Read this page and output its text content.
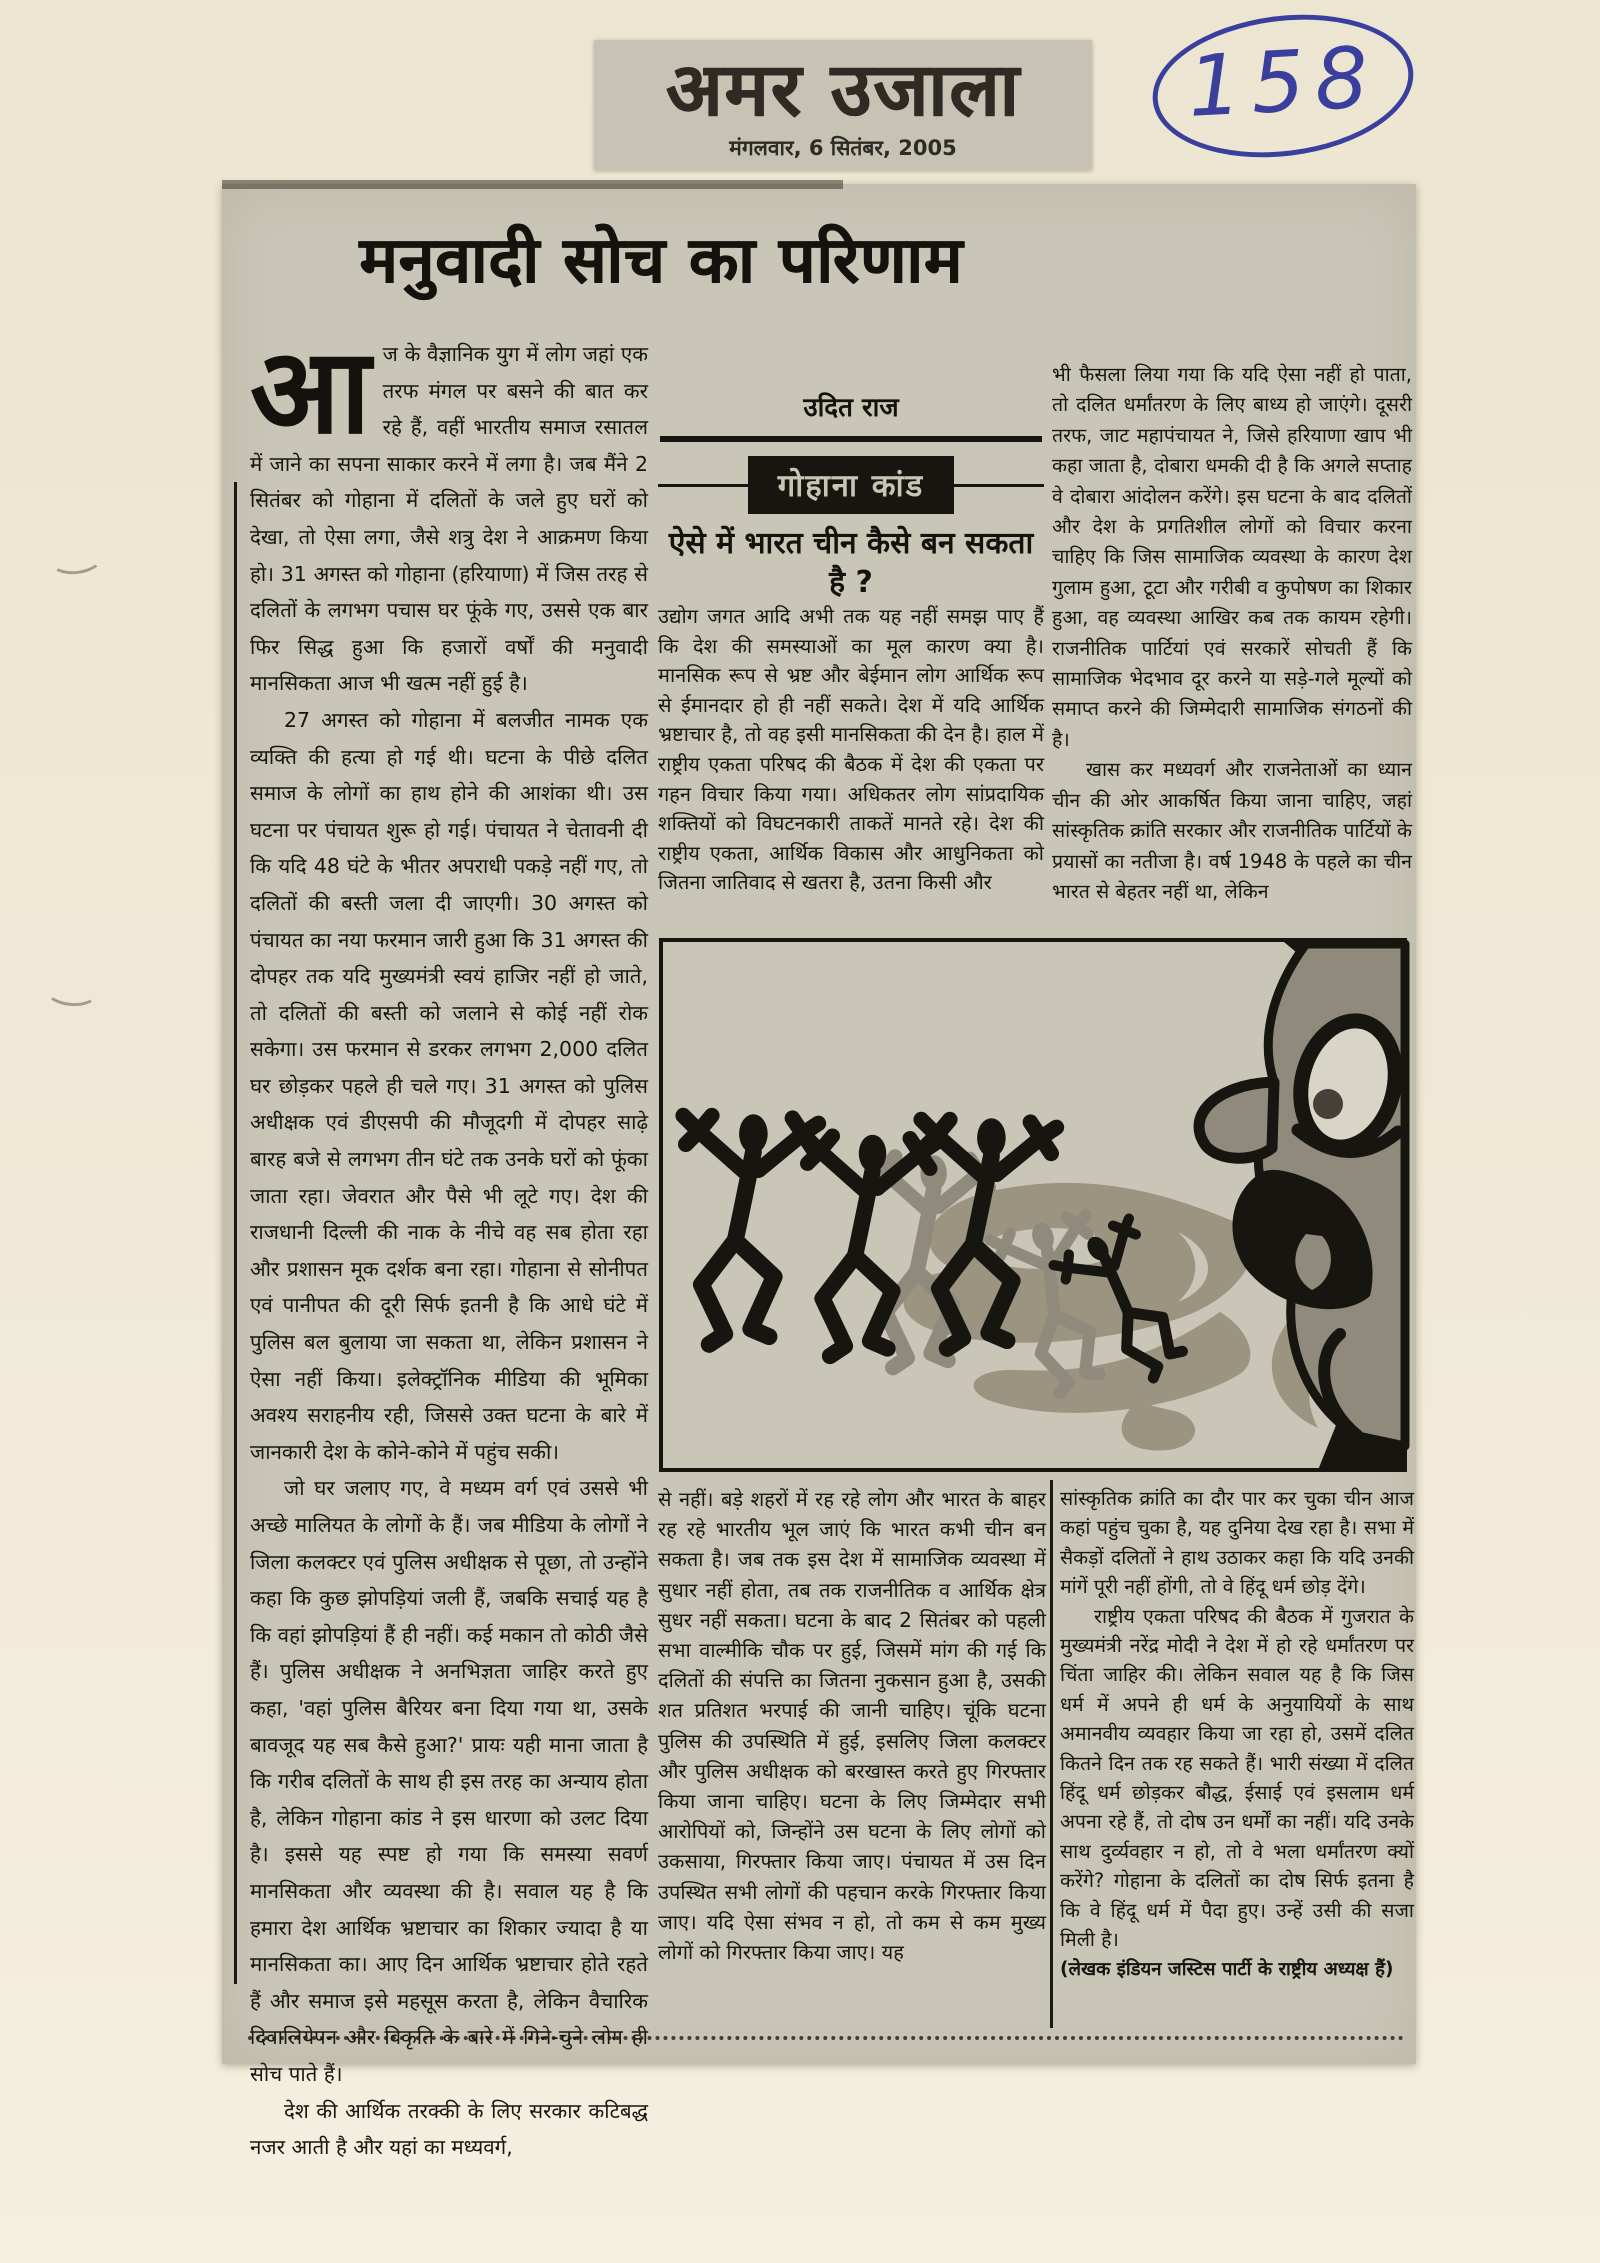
अमर उजाला
मंगलवार, 6 सितंबर, 2005
158
मनुवादी सोच का परिणाम

आज के वैज्ञानिक युग में लोग जहां एक तरफ मंगल पर बसने की बात कर रहे हैं, वहीं भारतीय समाज रसातल में जाने का सपना साकार करने में लगा है। जब मैंने 2 सितंबर को गोहाना में दलितों के जले हुए घरों को देखा, तो ऐसा लगा, जैसे शत्रु देश ने आक्रमण किया हो। 31 अगस्त को गोहाना (हरियाणा) में जिस तरह से दलितों के लगभग पचास घर फूंके गए, उससे एक बार फिर सिद्ध हुआ कि हजारों वर्षों की मनुवादी मानसिकता आज भी खत्म नहीं हुई है।

27 अगस्त को गोहाना में बलजीत नामक एक व्यक्ति की हत्या हो गई थी। घटना के पीछे दलित समाज के लोगों का हाथ होने की आशंका थी। उस घटना पर पंचायत शुरू हो गई। पंचायत ने चेतावनी दी कि यदि 48 घंटे के भीतर अपराधी पकड़े नहीं गए, तो दलितों की बस्ती जला दी जाएगी। 30 अगस्त को पंचायत का नया फरमान जारी हुआ कि 31 अगस्त की दोपहर तक यदि मुख्यमंत्री स्वयं हाजिर नहीं हो जाते, तो दलितों की बस्ती को जलाने से कोई नहीं रोक सकेगा। उस फरमान से डरकर लगभग 2,000 दलित घर छोड़कर पहले ही चले गए। 31 अगस्त को पुलिस अधीक्षक एवं डीएसपी की मौजूदगी में दोपहर साढ़े बारह बजे से लगभग तीन घंटे तक उनके घरों को फूंका जाता रहा। जेवरात और पैसे भी लूटे गए। देश की राजधानी दिल्ली की नाक के नीचे वह सब होता रहा और प्रशासन मूक दर्शक बना रहा। गोहाना से सोनीपत एवं पानीपत की दूरी सिर्फ इतनी है कि आधे घंटे में पुलिस बल बुलाया जा सकता था, लेकिन प्रशासन ने ऐसा नहीं किया। इलेक्ट्रॉनिक मीडिया की भूमिका अवश्य सराहनीय रही, जिससे उक्त घटना के बारे में जानकारी देश के कोने-कोने में पहुंच सकी।

जो घर जलाए गए, वे मध्यम वर्ग एवं उससे भी अच्छे मालियत के लोगों के हैं। जब मीडिया के लोगों ने जिला कलक्टर एवं पुलिस अधीक्षक से पूछा, तो उन्होंने कहा कि कुछ झोपड़ियां जली हैं, जबकि सचाई यह है कि वहां झोपड़ियां हैं ही नहीं। कई मकान तो कोठी जैसे हैं। पुलिस अधीक्षक ने अनभिज्ञता जाहिर करते हुए कहा, 'वहां पुलिस बैरियर बना दिया गया था, उसके बावजूद यह सब कैसे हुआ?' प्रायः यही माना जाता है कि गरीब दलितों के साथ ही इस तरह का अन्याय होता है, लेकिन गोहाना कांड ने इस धारणा को उलट दिया है। इससे यह स्पष्ट हो गया कि समस्या सवर्ण मानसिकता और व्यवस्था की है। सवाल यह है कि हमारा देश आर्थिक भ्रष्टाचार का शिकार ज्यादा है या मानसिकता का। आए दिन आर्थिक भ्रष्टाचार होते रहते हैं और समाज इसे महसूस करता है, लेकिन वैचारिक दिवालियेपन और विकृति के बारे में गिने-चुने लोग ही सोच पाते हैं।

देश की आर्थिक तरक्की के लिए सरकार कटिबद्ध नजर आती है और यहां का मध्यवर्ग,

उदित राज
गोहाना कांड
ऐसे में भारत चीन कैसे बन सकता है ?

उद्योग जगत आदि अभी तक यह नहीं समझ पाए हैं कि देश की समस्याओं का मूल कारण क्या है। मानसिक रूप से भ्रष्ट और बेईमान लोग आर्थिक रूप से ईमानदार हो ही नहीं सकते। देश में यदि आर्थिक भ्रष्टाचार है, तो वह इसी मानसिकता की देन है। हाल में राष्ट्रीय एकता परिषद की बैठक में देश की एकता पर गहन विचार किया गया। अधिकतर लोग सांप्रदायिक शक्तियों को विघटनकारी ताकतें मानते रहे। देश की राष्ट्रीय एकता, आर्थिक विकास और आधुनिकता को जितना जातिवाद से खतरा है, उतना किसी और

भी फैसला लिया गया कि यदि ऐसा नहीं हो पाता, तो दलित धर्मांतरण के लिए बाध्य हो जाएंगे। दूसरी तरफ, जाट महापंचायत ने, जिसे हरियाणा खाप भी कहा जाता है, दोबारा धमकी दी है कि अगले सप्ताह वे दोबारा आंदोलन करेंगे। इस घटना के बाद दलितों और देश के प्रगतिशील लोगों को विचार करना चाहिए कि जिस सामाजिक व्यवस्था के कारण देश गुलाम हुआ, टूटा और गरीबी व कुपोषण का शिकार हुआ, वह व्यवस्था आखिर कब तक कायम रहेगी। राजनीतिक पार्टियां एवं सरकारें सोचती हैं कि सामाजिक भेदभाव दूर करने या सड़े-गले मूल्यों को समाप्त करने की जिम्मेदारी सामाजिक संगठनों की है।

खास कर मध्यवर्ग और राजनेताओं का ध्यान चीन की ओर आकर्षित किया जाना चाहिए, जहां सांस्कृतिक क्रांति सरकार और राजनीतिक पार्टियों के प्रयासों का नतीजा है। वर्ष 1948 के पहले का चीन भारत से बेहतर नहीं था, लेकिन

से नहीं। बड़े शहरों में रह रहे लोग और भारत के बाहर रह रहे भारतीय भूल जाएं कि भारत कभी चीन बन सकता है। जब तक इस देश में सामाजिक व्यवस्था में सुधार नहीं होता, तब तक राजनीतिक व आर्थिक क्षेत्र सुधर नहीं सकता। घटना के बाद 2 सितंबर को पहली सभा वाल्मीकि चौक पर हुई, जिसमें मांग की गई कि दलितों की संपत्ति का जितना नुकसान हुआ है, उसकी शत प्रतिशत भरपाई की जानी चाहिए। चूंकि घटना पुलिस की उपस्थिति में हुई, इसलिए जिला कलक्टर और पुलिस अधीक्षक को बरखास्त करते हुए गिरफ्तार किया जाना चाहिए। घटना के लिए जिम्मेदार सभी आरोपियों को, जिन्होंने उस घटना के लिए लोगों को उकसाया, गिरफ्तार किया जाए। पंचायत में उस दिन उपस्थित सभी लोगों की पहचान करके गिरफ्तार किया जाए। यदि ऐसा संभव न हो, तो कम से कम मुख्य लोगों को गिरफ्तार किया जाए। यह

सांस्कृतिक क्रांति का दौर पार कर चुका चीन आज कहां पहुंच चुका है, यह दुनिया देख रहा है। सभा में सैकड़ों दलितों ने हाथ उठाकर कहा कि यदि उनकी मांगें पूरी नहीं होंगी, तो वे हिंदू धर्म छोड़ देंगे।

राष्ट्रीय एकता परिषद की बैठक में गुजरात के मुख्यमंत्री नरेंद्र मोदी ने देश में हो रहे धर्मांतरण पर चिंता जाहिर की। लेकिन सवाल यह है कि जिस धर्म में अपने ही धर्म के अनुयायियों के साथ अमानवीय व्यवहार किया जा रहा हो, उसमें दलित कितने दिन तक रह सकते हैं। भारी संख्या में दलित हिंदू धर्म छोड़कर बौद्ध, ईसाई एवं इसलाम धर्म अपना रहे हैं, तो दोष उन धर्मों का नहीं। यदि उनके साथ दुर्व्यवहार न हो, तो वे भला धर्मांतरण क्यों करेंगे? गोहाना के दलितों का दोष सिर्फ इतना है कि वे हिंदू धर्म में पैदा हुए। उन्हें उसी की सजा मिली है।

(लेखक इंडियन जस्टिस पार्टी के राष्ट्रीय अध्यक्ष हैं)
